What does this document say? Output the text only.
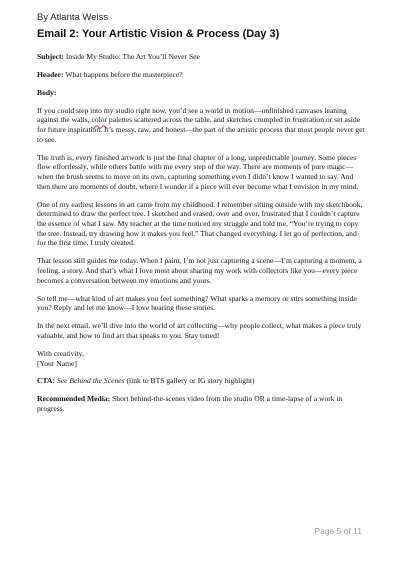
By Atlanta Weiss
Email 2: Your Artistic Vision & Process (Day 3)

Subject: Inside My Studio: The Art You’ll Never See

Header: What happens before the masterpiece?

Body:

If you could step into my studio right now, you’d see a world in motion—unfinished canvases leaning against the walls, color palettes scattered across the table, and sketches crumpled in frustration or set aside for future inspiration. It’s messy, raw, and honest—the part of the artistic process that most people never get to see.

The truth is, every finished artwork is just the final chapter of a long, unpredictable journey. Some pieces flow effortlessly, while others battle with me every step of the way. There are moments of pure magic—when the brush seems to move on its own, capturing something even I didn’t know I wanted to say. And then there are moments of doubt, where I wonder if a piece will ever become what I envision in my mind.

One of my earliest lessons in art came from my childhood. I remember sitting outside with my sketchbook, determined to draw the perfect tree. I sketched and erased, over and over, frustrated that I couldn’t capture the essence of what I saw. My teacher at the time noticed my struggle and told me, “You’re trying to copy the tree. Instead, try drawing how it makes you feel.” That changed everything. I let go of perfection, and for the first time, I truly created.

That lesson still guides me today. When I paint, I’m not just capturing a scene—I’m capturing a moment, a feeling, a story. And that’s what I love most about sharing my work with collectors like you—every piece becomes a conversation between my emotions and yours.

So tell me—what kind of art makes you feel something? What sparks a memory or stirs something inside you? Reply and let me know—I love hearing these stories.

In the next email, we’ll dive into the world of art collecting—why people collect, what makes a piece truly valuable, and how to find art that speaks to you. Stay tuned!

With creativity,

[Your Name]

CTA: See Behind the Scenes (link to BTS gallery or IG story highlight)

Recommended Media: Short behind-the-scenes video from the studio OR a time-lapse of a work in progress.

Page 5 of 11
